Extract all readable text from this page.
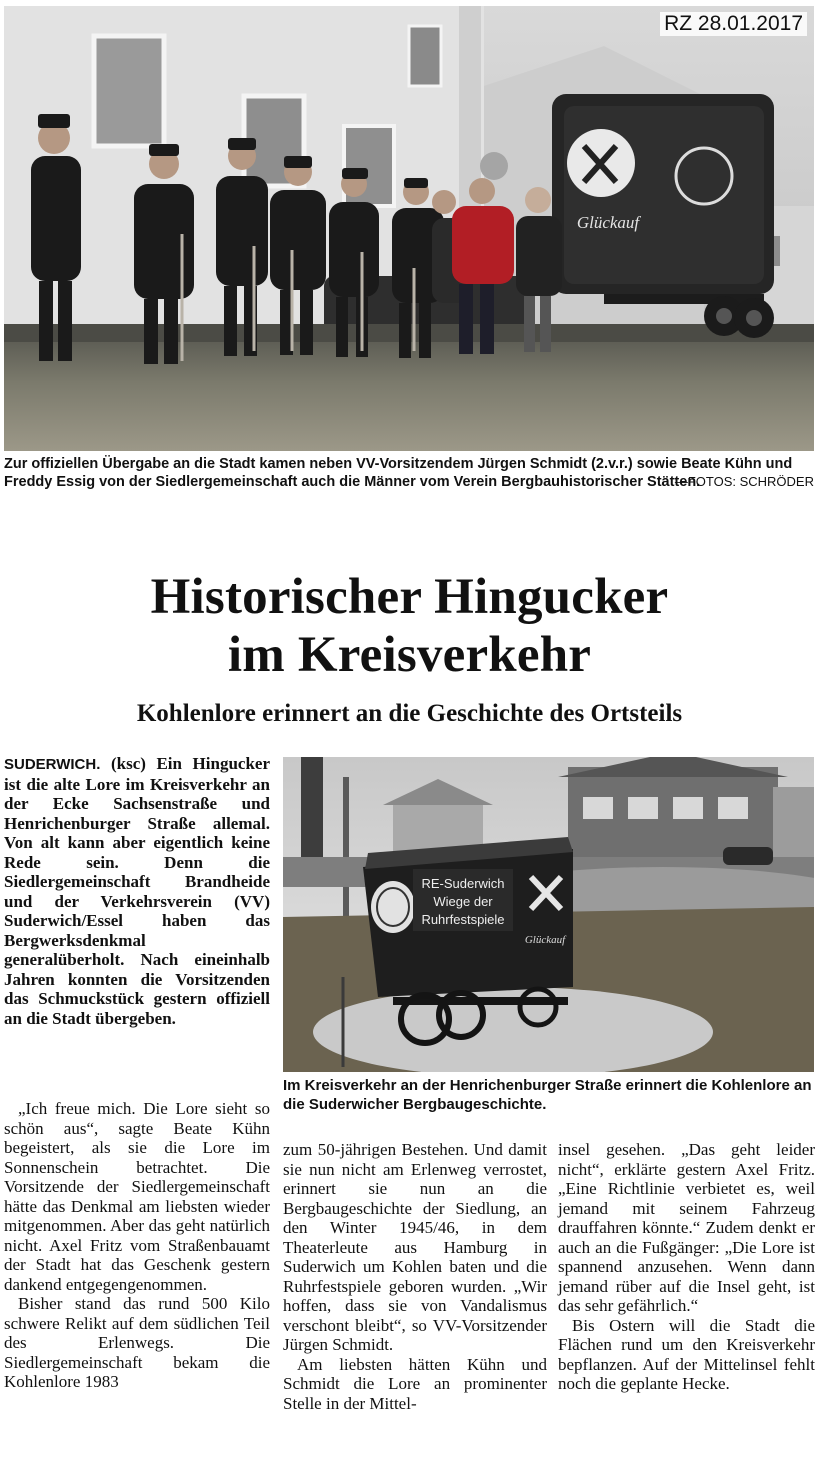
RZ 28.01.2017
Glückauf
Zur offiziellen Übergabe an die Stadt kamen neben VV-Vorsitzendem Jürgen Schmidt (2.v.r.) sowie Beate Kühn und Freddy Essig von der Siedlergemeinschaft auch die Männer vom Verein Bergbauhistorischer Stätten.
—FOTOS: SCHRÖDER
Historischer Hingucker
im Kreisverkehr
Kohlenlore erinnert an die Geschichte des Ortsteils
SUDERWICH. (ksc) Ein Hingucker ist die alte Lore im Kreisverkehr an der Ecke Sachsenstraße und Henrichenburger Straße allemal. Von alt kann aber eigentlich keine Rede sein. Denn die Siedlergemeinschaft Brandheide und der Verkehrsverein (VV) Suderwich/Essel haben das Bergwerksdenkmal generalüberholt. Nach eineinhalb Jahren konnten die Vorsitzenden das Schmuckstück gestern offiziell an die Stadt übergeben.
RE-Suderwich
Wiege der
Ruhrfestspiele
Glückauf
Im Kreisverkehr an der Henrichenburger Straße erinnert die Kohlenlore an die Suderwicher Bergbaugeschichte.

„Ich freue mich. Die Lore sieht so schön aus“, sagte Beate Kühn begeistert, als sie die Lore im Sonnenschein betrachtet. Die Vorsitzende der Siedlergemeinschaft hätte das Denkmal am liebsten wieder mitgenommen. Aber das geht natürlich nicht. Axel Fritz vom Straßenbauamt der Stadt hat das Geschenk gestern dankend entgegengenommen.

Bisher stand das rund 500 Kilo schwere Relikt auf dem südlichen Teil des Erlenwegs. Die Siedlergemeinschaft bekam die Kohlenlore 1983

zum 50-jährigen Bestehen. Und damit sie nun nicht am Erlenweg verrostet, erinnert sie nun an die Bergbaugeschichte der Siedlung, an den Winter 1945/46, in dem Theaterleute aus Hamburg in Suderwich um Kohlen baten und die Ruhrfestspiele geboren wurden. „Wir hoffen, dass sie von Vandalismus verschont bleibt“, so VV-Vorsitzender Jürgen Schmidt.

Am liebsten hätten Kühn und Schmidt die Lore an prominenter Stelle in der Mittel-

insel gesehen. „Das geht leider nicht“, erklärte gestern Axel Fritz. „Eine Richtlinie verbietet es, weil jemand mit seinem Fahrzeug drauffahren könnte.“ Zudem denkt er auch an die Fußgänger: „Die Lore ist spannend anzusehen. Wenn dann jemand rüber auf die Insel geht, ist das sehr gefährlich.“

Bis Ostern will die Stadt die Flächen rund um den Kreisverkehr bepflanzen. Auf der Mittelinsel fehlt noch die geplante Hecke.
